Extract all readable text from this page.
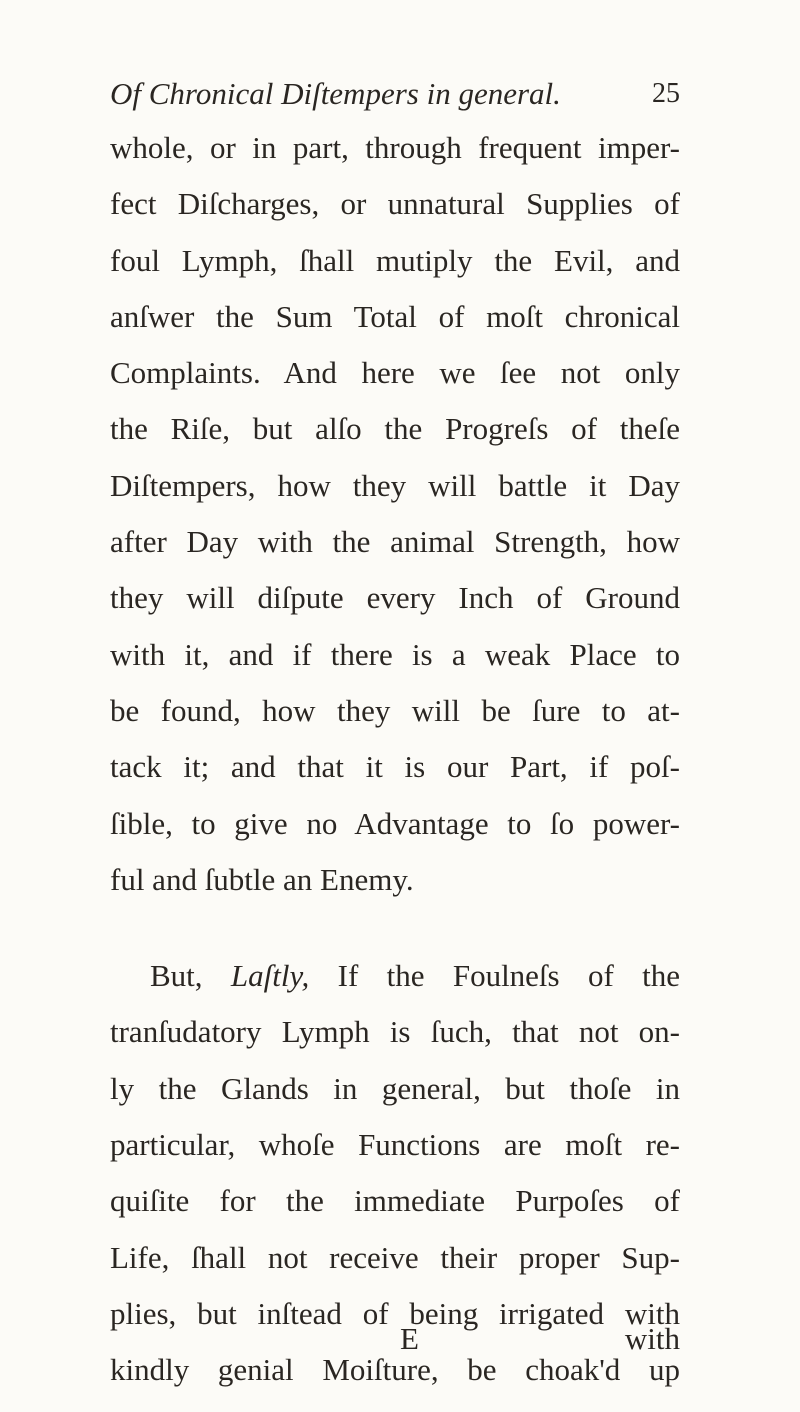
Of Chronical Diſtempers in general.	25
whole, or in part, through frequent imper-
fect Diſcharges, or unnatural Supplies of
foul Lymph, ſhall mutiply the Evil, and
anſwer the Sum Total of moſt chronical
Complaints. And here we ſee not only
the Riſe, but alſo the Progreſs of theſe
Diſtempers, how they will battle it Day
after Day with the animal Strength, how
they will diſpute every Inch of Ground
with it, and if there is a weak Place to
be found, how they will be ſure to at-
tack it; and that it is our Part, if poſ-
ſible, to give no Advantage to ſo power-
ful and ſubtle an Enemy.
But, Laſtly, If the Foulneſs of the
tranſudatory Lymph is ſuch, that not on-
ly the Glands in general, but thoſe in
particular, whoſe Functions are moſt re-
quiſite for the immediate Purpoſes of
Life, ſhall not receive their proper Sup-
plies, but inſtead of being irrigated with
kindly genial Moiſture, be choak'd up
E	with
